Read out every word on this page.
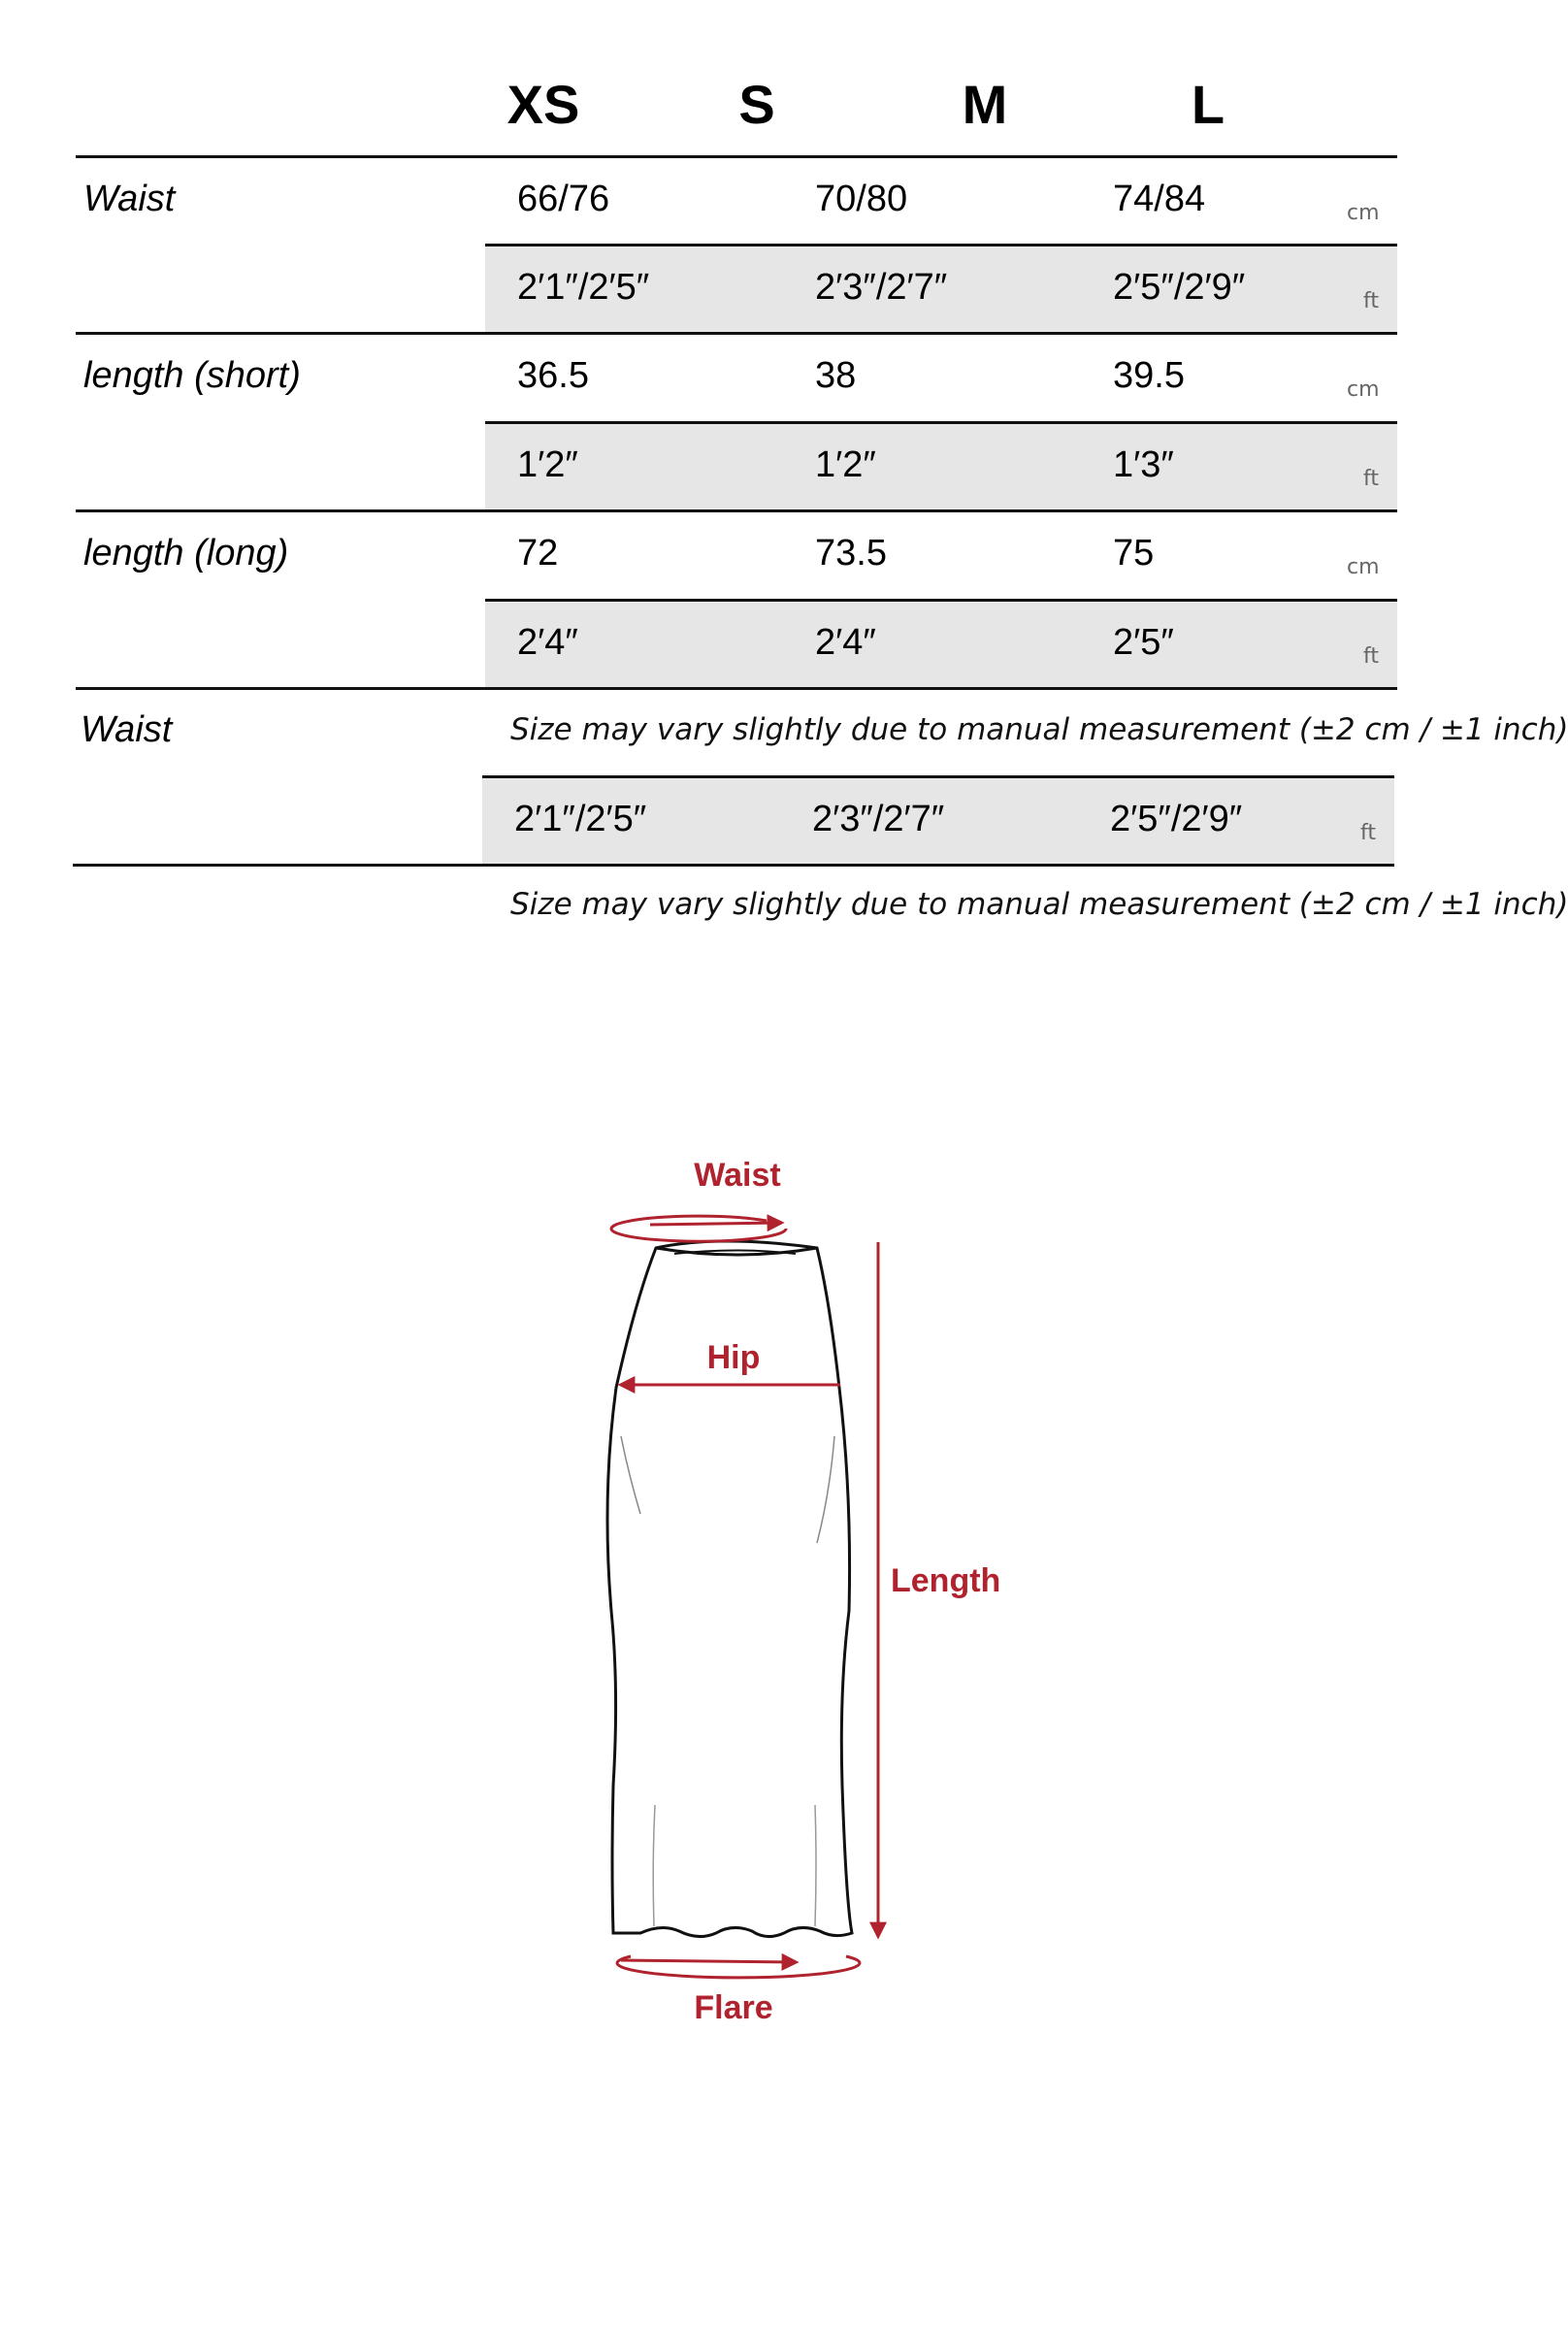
XS	S	M	L
Waist	66/76	70/80	74/84	cm
2′1″/2′5″	2′3″/2′7″	2′5″/2′9″	ft
length (short)	36.5	38	39.5	cm
1′2″	1′2″	1′3″	ft
length (long)	72	73.5	75	cm
2′4″	2′4″	2′5″	ft
Waist	Size may vary slightly due to manual measurement (±2 cm / ±1 inch)
2′1″/2′5″	2′3″/2′7″	2′5″/2′9″	ft
Size may vary slightly due to manual measurement (±2 cm / ±1 inch)
Waist
Hip
Length
Flare
